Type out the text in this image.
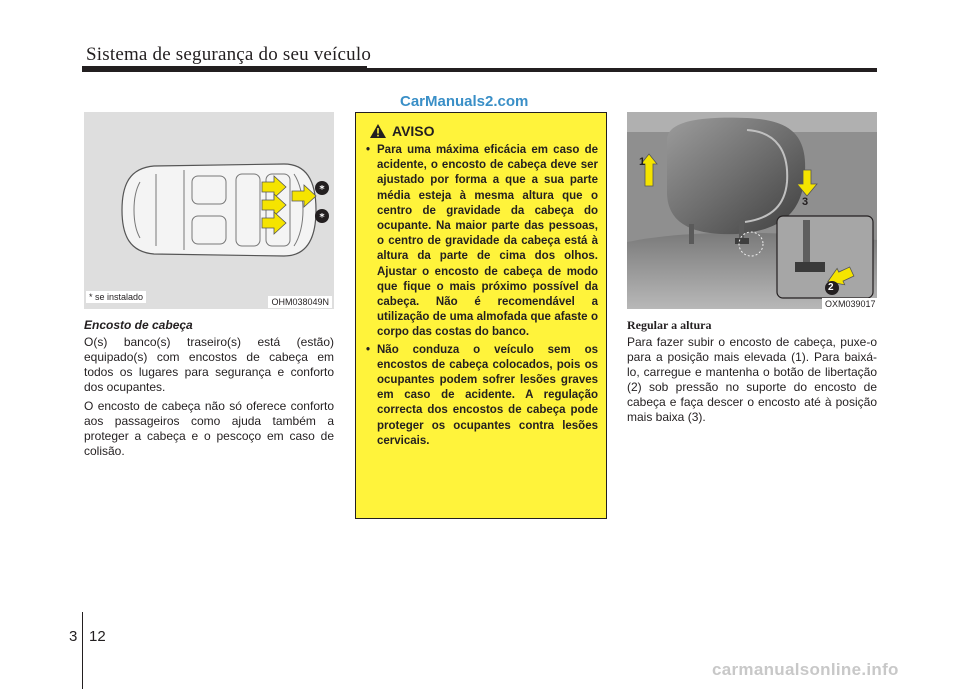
Sistema de segurança do seu veículo
CarManuals2.com
*
*
* se instalado	OHM038049N
Encosto de cabeça

O(s) banco(s) traseiro(s) está (estão) equipado(s) com encostos de cabeça em todos os lugares para segurança e conforto dos ocupantes.

O encosto de cabeça não só oferece conforto aos passageiros como ajuda também a proteger a cabeça e o pescoço em caso de colisão.

AVISO
• Para uma máxima eficácia em caso de acidente, o encosto de cabeça deve ser ajustado por forma a que a sua parte média esteja à mesma altura que o centro de gravidade da cabeça do ocupante. Na maior parte das pessoas, o centro de gravidade da cabeça está à altura da parte de cima dos olhos. Ajustar o encosto de cabeça de modo que fique o mais próximo possível da cabeça. Não é recomendável a utilização de uma almofada que afaste o corpo das costas do banco.
• Não conduza o veículo sem os encostos de cabeça colocados, pois os ocupantes podem sofrer lesões graves em caso de acidente. A regulação correcta dos encostos de cabeça pode proteger os ocupantes contra lesões cervicais.
1
3
2
OXM039017
Regular a altura

Para fazer subir o encosto de cabeça, puxe-o para a posição mais elevada (1). Para baixá-lo, carregue e mantenha o botão de libertação (2) sob pressão no suporte do encosto de cabeça e faça descer o encosto até à posição mais baixa (3).

3 12
carmanualsonline.info
